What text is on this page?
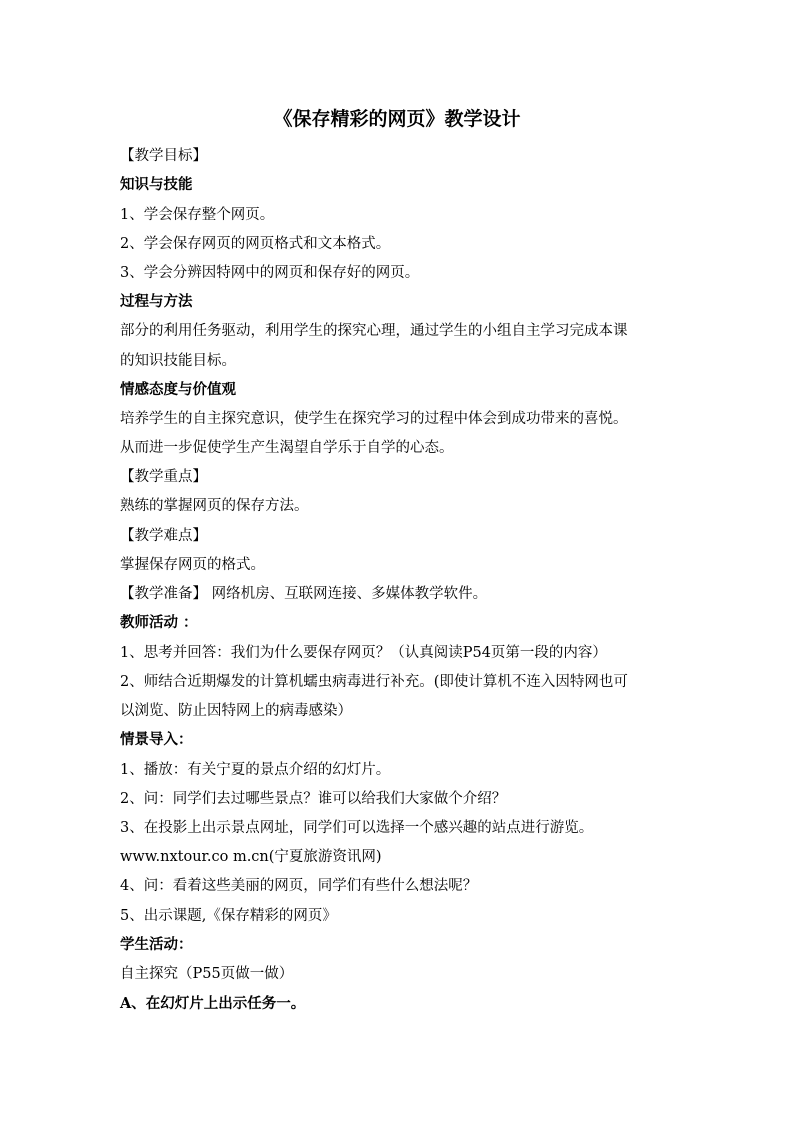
《保存精彩的网页》教学设计
【教学目标】
知识与技能
1、学会保存整个网页。
2、学会保存网页的网页格式和文本格式。
3、学会分辨因特网中的网页和保存好的网页。
过程与方法
部分的利用任务驱动，利用学生的探究心理，通过学生的小组自主学习完成本课
的知识技能目标。
情感态度与价值观
培养学生的自主探究意识，使学生在探究学习的过程中体会到成功带来的喜悦。
从而进一步促使学生产生渴望自学乐于自学的心态。
【教学重点】
熟练的掌握网页的保存方法。
【教学难点】
掌握保存网页的格式。
【教学准备】 网络机房、互联网连接、多媒体教学软件。
教师活动 ：
1、思考并回答：我们为什么要保存网页？（认真阅读P54页第一段的内容）
2、师结合近期爆发的计算机蠕虫病毒进行补充。(即使计算机不连入因特网也可
以浏览、防止因特网上的病毒感染）
情景导入：
1、播放：有关宁夏的景点介绍的幻灯片。
2、问：同学们去过哪些景点？谁可以给我们大家做个介绍？
3、在投影上出示景点网址，同学们可以选择一个感兴趣的站点进行游览。
www.nxtour.co m.cn(宁夏旅游资讯网)
4、问：看着这些美丽的网页，同学们有些什么想法呢？
5、出示课题,《保存精彩的网页》
学生活动：
自主探究（P55页做一做）
A、在幻灯片上出示任务一。
